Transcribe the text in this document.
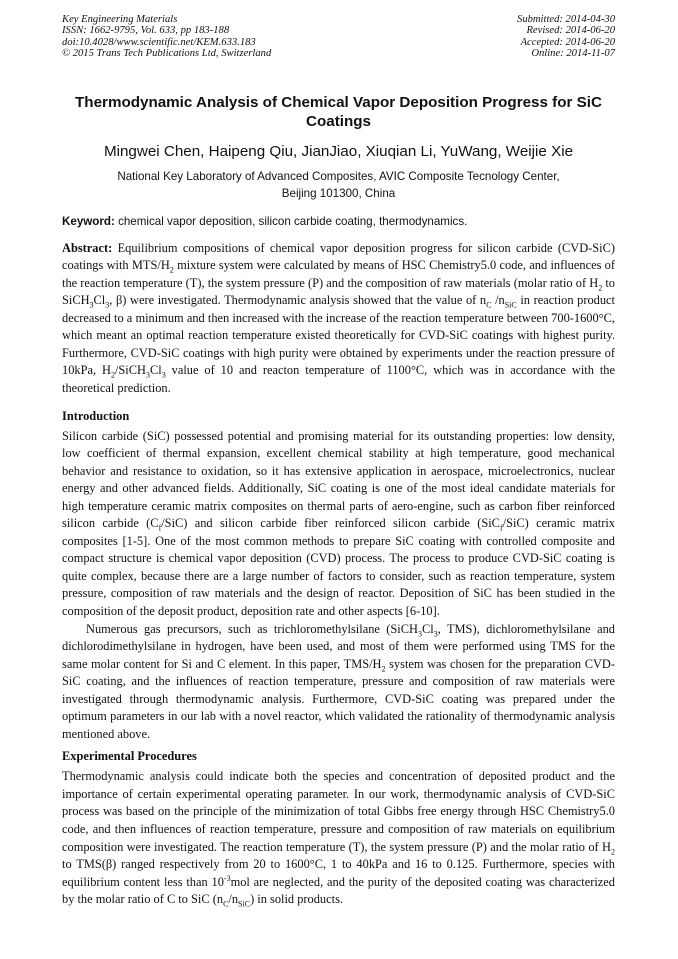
Key Engineering Materials
ISSN: 1662-9795, Vol. 633, pp 183-188
doi:10.4028/www.scientific.net/KEM.633.183
© 2015 Trans Tech Publications Ltd, Switzerland
Submitted: 2014-04-30
Revised: 2014-06-20
Accepted: 2014-06-20
Online: 2014-11-07
Thermodynamic Analysis of Chemical Vapor Deposition Progress for SiC Coatings
Mingwei Chen, Haipeng Qiu, JianJiao, Xiuqian Li, YuWang, Weijie Xie
National Key Laboratory of Advanced Composites, AVIC Composite Tecnology Center,
Beijing 101300, China
Keyword: chemical vapor deposition, silicon carbide coating, thermodynamics.

Abstract: Equilibrium compositions of chemical vapor deposition progress for silicon carbide (CVD-SiC) coatings with MTS/$H_2$ mixture system were calculated by means of HSC Chemistry5.0 code, and influences of the reaction temperature (T), the system pressure (P) and the composition of raw materials (molar ratio of $H_2$ to $SiCH_3Cl_3$, β) were investigated. Thermodynamic analysis showed that the value of $n_C$ $/n_{SiC}$ in reaction product decreased to a minimum and then increased with the increase of the reaction temperature between 700-1600°C, which meant an optimal reaction temperature existed theoretically for CVD-SiC coatings with highest purity. Furthermore, CVD-SiC coatings with high purity were obtained by experiments under the reaction pressure of 10kPa, $H_2/SiCH_3Cl_3$ value of 10 and reacton temperature of 1100°C, which was in accordance with the theoretical prediction.

Introduction

Silicon carbide (SiC) possessed potential and promising material for its outstanding properties: low density, low coefficient of thermal expansion, excellent chemical stability at high temperature, good mechanical behavior and resistance to oxidation, so it has extensive application in aerospace, microelectronics, nuclear energy and other advanced fields. Additionally, SiC coating is one of the most ideal candidate materials for high temperature ceramic matrix composites on thermal parts of aero-engine, such as carbon fiber reinforced silicon carbide $(C_f/SiC)$ and silicon carbide fiber reinforced silicon carbide (SiC$_f$/SiC) ceramic matrix composites [1-5]. One of the most common methods to prepare SiC coating with controlled composite and compact structure is chemical vapor deposition (CVD) process. The process to produce CVD-SiC coating is quite complex, because there are a large number of factors to consider, such as reaction temperature, system pressure, composition of raw materials and the design of reactor. Deposition of SiC has been studied in the composition of the deposit product, deposition rate and other aspects [6-10].

Numerous gas precursors, such as trichloromethylsilane ($SiCH_3Cl_3$, TMS), dichloromethylsilane and dichlorodimethylsilane in hydrogen, have been used, and most of them were performed using TMS for the same molar content for Si and C element. In this paper, TMS/$H_2$ system was chosen for the preparation CVD-SiC coating, and the influences of reaction temperature, pressure and composition of raw materials were investigated through thermodynamic analysis. Furthermore, CVD-SiC coating was prepared under the optimum parameters in our lab with a novel reactor, which validated the rationality of thermodynamic analysis mentioned above.

Experimental Procedures

Thermodynamic analysis could indicate both the species and concentration of deposited product and the importance of certain experimental operating parameter. In our work, thermodynamic analysis of CVD-SiC process was based on the principle of the minimization of total Gibbs free energy through HSC Chemistry5.0 code, and then influences of reaction temperature, pressure and composition of raw materials on equilibrium composition were investigated. The reaction temperature (T), the system pressure (P) and the molar ratio of $H_2$ to TMS(β) ranged respectively from 20 to 1600°C, 1 to 40kPa and 16 to 0.125. Furthermore, species with equilibrium content less than $10^{-3}mol$ are neglected, and the purity of the deposited coating was characterized by the molar ratio of C to SiC $(n_C/n_{SiC})$ in solid products.
